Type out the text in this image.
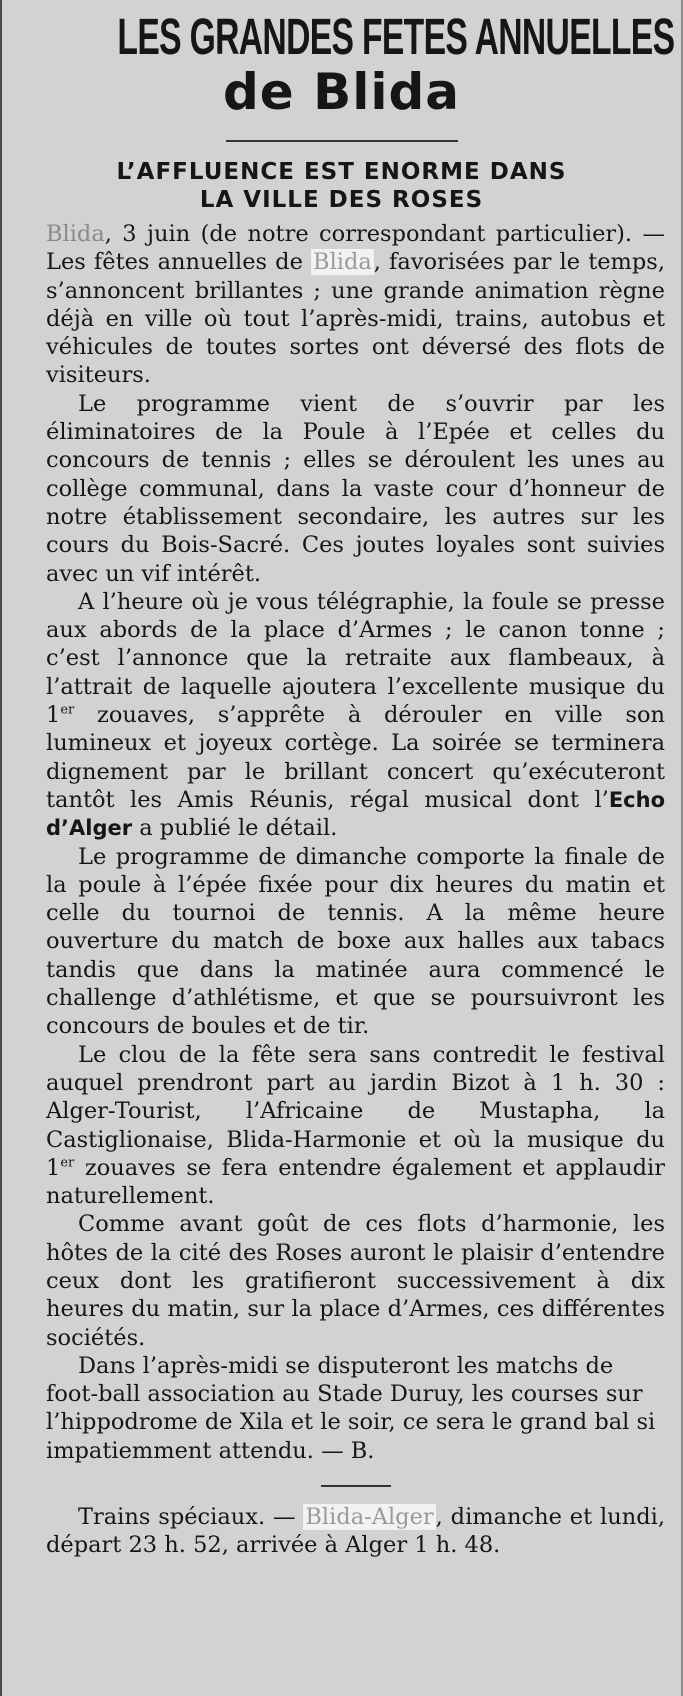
LES GRANDES FETES ANNUELLES
de Blida
L’AFFLUENCE EST ENORME DANS
LA VILLE DES ROSES

Blida, 3 juin (de notre correspondant particulier). — Les fêtes annuelles de Blida, favorisées par le temps, s’annoncent brillantes ; une grande animation règne déjà en ville où tout l’après-midi, trains, autobus et véhicules de toutes sortes ont déversé des flots de visiteurs.

Le programme vient de s’ouvrir par les éliminatoires de la Poule à l’Epée et celles du concours de tennis ; elles se déroulent les unes au collège communal, dans la vaste cour d’honneur de notre établissement secondaire, les autres sur les cours du Bois-Sacré. Ces joutes loyales sont suivies avec un vif intérêt.

A l’heure où je vous télégraphie, la foule se presse aux abords de la place d’Armes ; le canon tonne ; c’est l’annonce que la retraite aux flambeaux, à l’attrait de laquelle ajoutera l’excellente musique du 1er zouaves, s’apprête à dérouler en ville son lumineux et joyeux cortège. La soirée se terminera dignement par le brillant concert qu’exécuteront tantôt les Amis Réunis, régal musical dont l’Echo d’Alger a publié le détail.

Le programme de dimanche comporte la finale de la poule à l’épée fixée pour dix heures du matin et celle du tournoi de tennis. A la même heure ouverture du match de boxe aux halles aux tabacs tandis que dans la matinée aura commencé le challenge d’athlétisme, et que se poursuivront les concours de boules et de tir.

Le clou de la fête sera sans contredit le festival auquel prendront part au jardin Bizot à 1 h. 30 : Alger-Tourist, l’Africaine de Mustapha, la Castiglionaise, Blida-Harmonie et où la musique du 1er zouaves se fera entendre également et applaudir naturellement.

Comme avant goût de ces flots d’harmonie, les hôtes de la cité des Roses auront le plaisir d’entendre ceux dont les gratifieront successivement à dix heures du matin, sur la place d’Armes, ces différentes sociétés.

Dans l’après-midi se disputeront les matchs de foot-ball association au Stade Duruy, les courses sur l’hippodrome de Xila et le soir, ce sera le grand bal si impatiemment attendu. — B.

Trains spéciaux. — Blida-Alger, dimanche et lundi, départ 23 h. 52, arrivée à Alger 1 h. 48.
